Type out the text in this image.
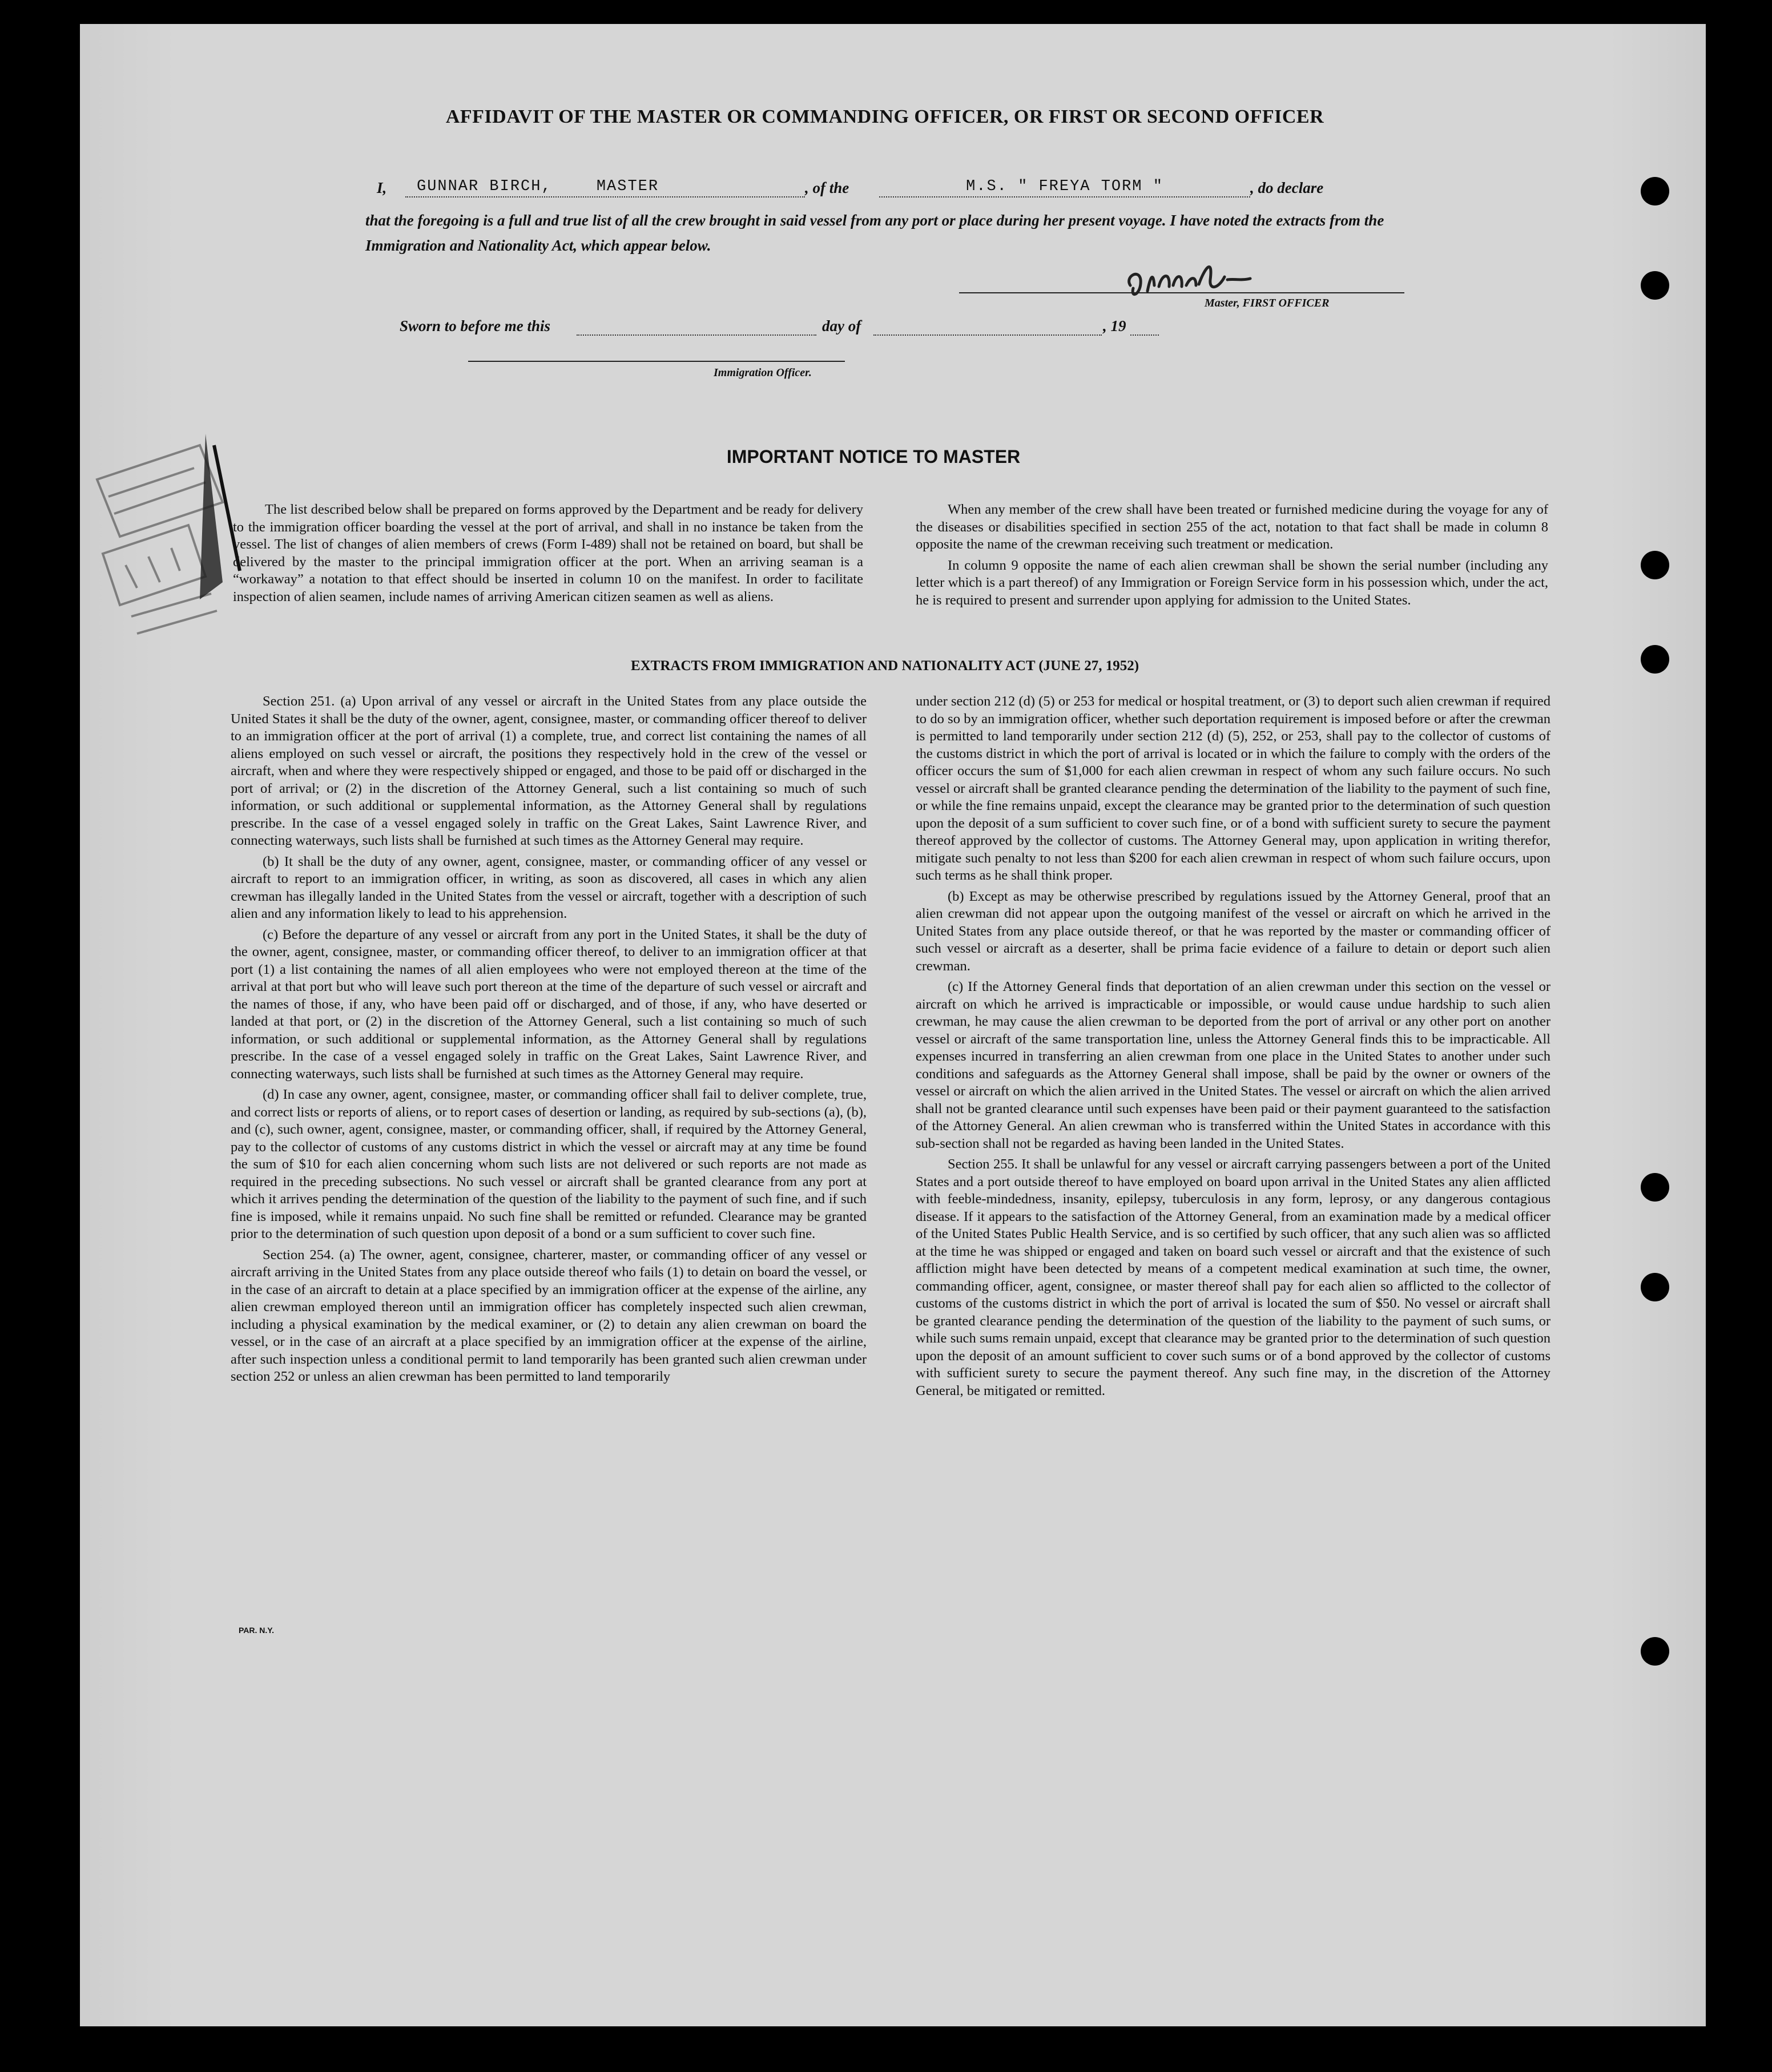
AFFIDAVIT OF THE MASTER OR COMMANDING OFFICER, OR FIRST OR SECOND OFFICER
I,	GUNNAR BIRCH,	MASTER	, of the	M.S. " FREYA TORM "	, do declare
that the foregoing is a full and true list of all the crew brought in said vessel from any port or place during her present voyage. I have noted the extracts from the Immigration and Nationality Act, which appear below.
Master, FIRST OFFICER
Sworn to before me this	day of	, 19
Immigration Officer.
IMPORTANT NOTICE TO MASTER

The list described below shall be prepared on forms approved by the Department and be ready for delivery to the immigration officer boarding the vessel at the port of arrival, and shall in no instance be taken from the vessel. The list of changes of alien members of crews (Form I-489) shall not be retained on board, but shall be delivered by the master to the principal immigration officer at the port. When an arriving seaman is a “workaway” a notation to that effect should be inserted in column 10 on the manifest. In order to facilitate inspection of alien seamen, include names of arriving American citizen seamen as well as aliens.

When any member of the crew shall have been treated or furnished medicine during the voyage for any of the diseases or disabilities specified in section 255 of the act, notation to that fact shall be made in column 8 opposite the name of the crewman receiving such treatment or medication.

In column 9 opposite the name of each alien crewman shall be shown the serial number (including any letter which is a part thereof) of any Immigration or Foreign Service form in his possession which, under the act, he is required to present and surrender upon applying for admission to the United States.

EXTRACTS FROM IMMIGRATION AND NATIONALITY ACT (JUNE 27, 1952)

Section 251. (a) Upon arrival of any vessel or aircraft in the United States from any place outside the United States it shall be the duty of the owner, agent, consignee, master, or commanding officer thereof to deliver to an immigration officer at the port of arrival (1) a complete, true, and correct list containing the names of all aliens employed on such vessel or aircraft, the positions they respectively hold in the crew of the vessel or aircraft, when and where they were respectively shipped or engaged, and those to be paid off or discharged in the port of arrival; or (2) in the discretion of the Attorney General, such a list containing so much of such information, or such additional or supplemental information, as the Attorney General shall by regulations prescribe. In the case of a vessel engaged solely in traffic on the Great Lakes, Saint Lawrence River, and connecting waterways, such lists shall be furnished at such times as the Attorney General may require.

(b) It shall be the duty of any owner, agent, consignee, master, or commanding officer of any vessel or aircraft to report to an immigration officer, in writing, as soon as discovered, all cases in which any alien crewman has illegally landed in the United States from the vessel or aircraft, together with a description of such alien and any information likely to lead to his apprehension.

(c) Before the departure of any vessel or aircraft from any port in the United States, it shall be the duty of the owner, agent, consignee, master, or commanding officer thereof, to deliver to an immigration officer at that port (1) a list containing the names of all alien employees who were not employed thereon at the time of the arrival at that port but who will leave such port thereon at the time of the departure of such vessel or aircraft and the names of those, if any, who have been paid off or discharged, and of those, if any, who have deserted or landed at that port, or (2) in the discretion of the Attorney General, such a list containing so much of such information, or such additional or supplemental information, as the Attorney General shall by regulations prescribe. In the case of a vessel engaged solely in traffic on the Great Lakes, Saint Lawrence River, and connecting waterways, such lists shall be furnished at such times as the Attorney General may require.

(d) In case any owner, agent, consignee, master, or commanding officer shall fail to deliver complete, true, and correct lists or reports of aliens, or to report cases of desertion or landing, as required by sub-sections (a), (b), and (c), such owner, agent, consignee, master, or commanding officer, shall, if required by the Attorney General, pay to the collector of customs of any customs district in which the vessel or aircraft may at any time be found the sum of $10 for each alien concerning whom such lists are not delivered or such reports are not made as required in the preceding subsections. No such vessel or aircraft shall be granted clearance from any port at which it arrives pending the determination of the question of the liability to the payment of such fine, and if such fine is imposed, while it remains unpaid. No such fine shall be remitted or refunded. Clearance may be granted prior to the determination of such question upon deposit of a bond or a sum sufficient to cover such fine.

Section 254. (a) The owner, agent, consignee, charterer, master, or commanding officer of any vessel or aircraft arriving in the United States from any place outside thereof who fails (1) to detain on board the vessel, or in the case of an aircraft to detain at a place specified by an immigration officer at the expense of the airline, any alien crewman employed thereon until an immigration officer has completely inspected such alien crewman, including a physical examination by the medical examiner, or (2) to detain any alien crewman on board the vessel, or in the case of an aircraft at a place specified by an immigration officer at the expense of the airline, after such inspection unless a conditional permit to land temporarily has been granted such alien crewman under section 252 or unless an alien crewman has been permitted to land temporarily

under section 212 (d) (5) or 253 for medical or hospital treatment, or (3) to deport such alien crewman if required to do so by an immigration officer, whether such deportation requirement is imposed before or after the crewman is permitted to land temporarily under section 212 (d) (5), 252, or 253, shall pay to the collector of customs of the customs district in which the port of arrival is located or in which the failure to comply with the orders of the officer occurs the sum of $1,000 for each alien crewman in respect of whom any such failure occurs. No such vessel or aircraft shall be granted clearance pending the determination of the liability to the payment of such fine, or while the fine remains unpaid, except the clearance may be granted prior to the determination of such question upon the deposit of a sum sufficient to cover such fine, or of a bond with sufficient surety to secure the payment thereof approved by the collector of customs. The Attorney General may, upon application in writing therefor, mitigate such penalty to not less than $200 for each alien crewman in respect of whom such failure occurs, upon such terms as he shall think proper.

(b) Except as may be otherwise prescribed by regulations issued by the Attorney General, proof that an alien crewman did not appear upon the outgoing manifest of the vessel or aircraft on which he arrived in the United States from any place outside thereof, or that he was reported by the master or commanding officer of such vessel or aircraft as a deserter, shall be prima facie evidence of a failure to detain or deport such alien crewman.

(c) If the Attorney General finds that deportation of an alien crewman under this section on the vessel or aircraft on which he arrived is impracticable or impossible, or would cause undue hardship to such alien crewman, he may cause the alien crewman to be deported from the port of arrival or any other port on another vessel or aircraft of the same transportation line, unless the Attorney General finds this to be impracticable. All expenses incurred in transferring an alien crewman from one place in the United States to another under such conditions and safeguards as the Attorney General shall impose, shall be paid by the owner or owners of the vessel or aircraft on which the alien arrived in the United States. The vessel or aircraft on which the alien arrived shall not be granted clearance until such expenses have been paid or their payment guaranteed to the satisfaction of the Attorney General. An alien crewman who is transferred within the United States in accordance with this sub-section shall not be regarded as having been landed in the United States.

Section 255. It shall be unlawful for any vessel or aircraft carrying passengers between a port of the United States and a port outside thereof to have employed on board upon arrival in the United States any alien afflicted with feeble-mindedness, insanity, epilepsy, tuberculosis in any form, leprosy, or any dangerous contagious disease. If it appears to the satisfaction of the Attorney General, from an examination made by a medical officer of the United States Public Health Service, and is so certified by such officer, that any such alien was so afflicted at the time he was shipped or engaged and taken on board such vessel or aircraft and that the existence of such affliction might have been detected by means of a competent medical examination at such time, the owner, commanding officer, agent, consignee, or master thereof shall pay for each alien so afflicted to the collector of customs of the customs district in which the port of arrival is located the sum of $50. No vessel or aircraft shall be granted clearance pending the determination of the question of the liability to the payment of such sums, or while such sums remain unpaid, except that clearance may be granted prior to the determination of such question upon the deposit of an amount sufficient to cover such sums or of a bond approved by the collector of customs with sufficient surety to secure the payment thereof. Any such fine may, in the discretion of the Attorney General, be mitigated or remitted.

PAR. N.Y.
